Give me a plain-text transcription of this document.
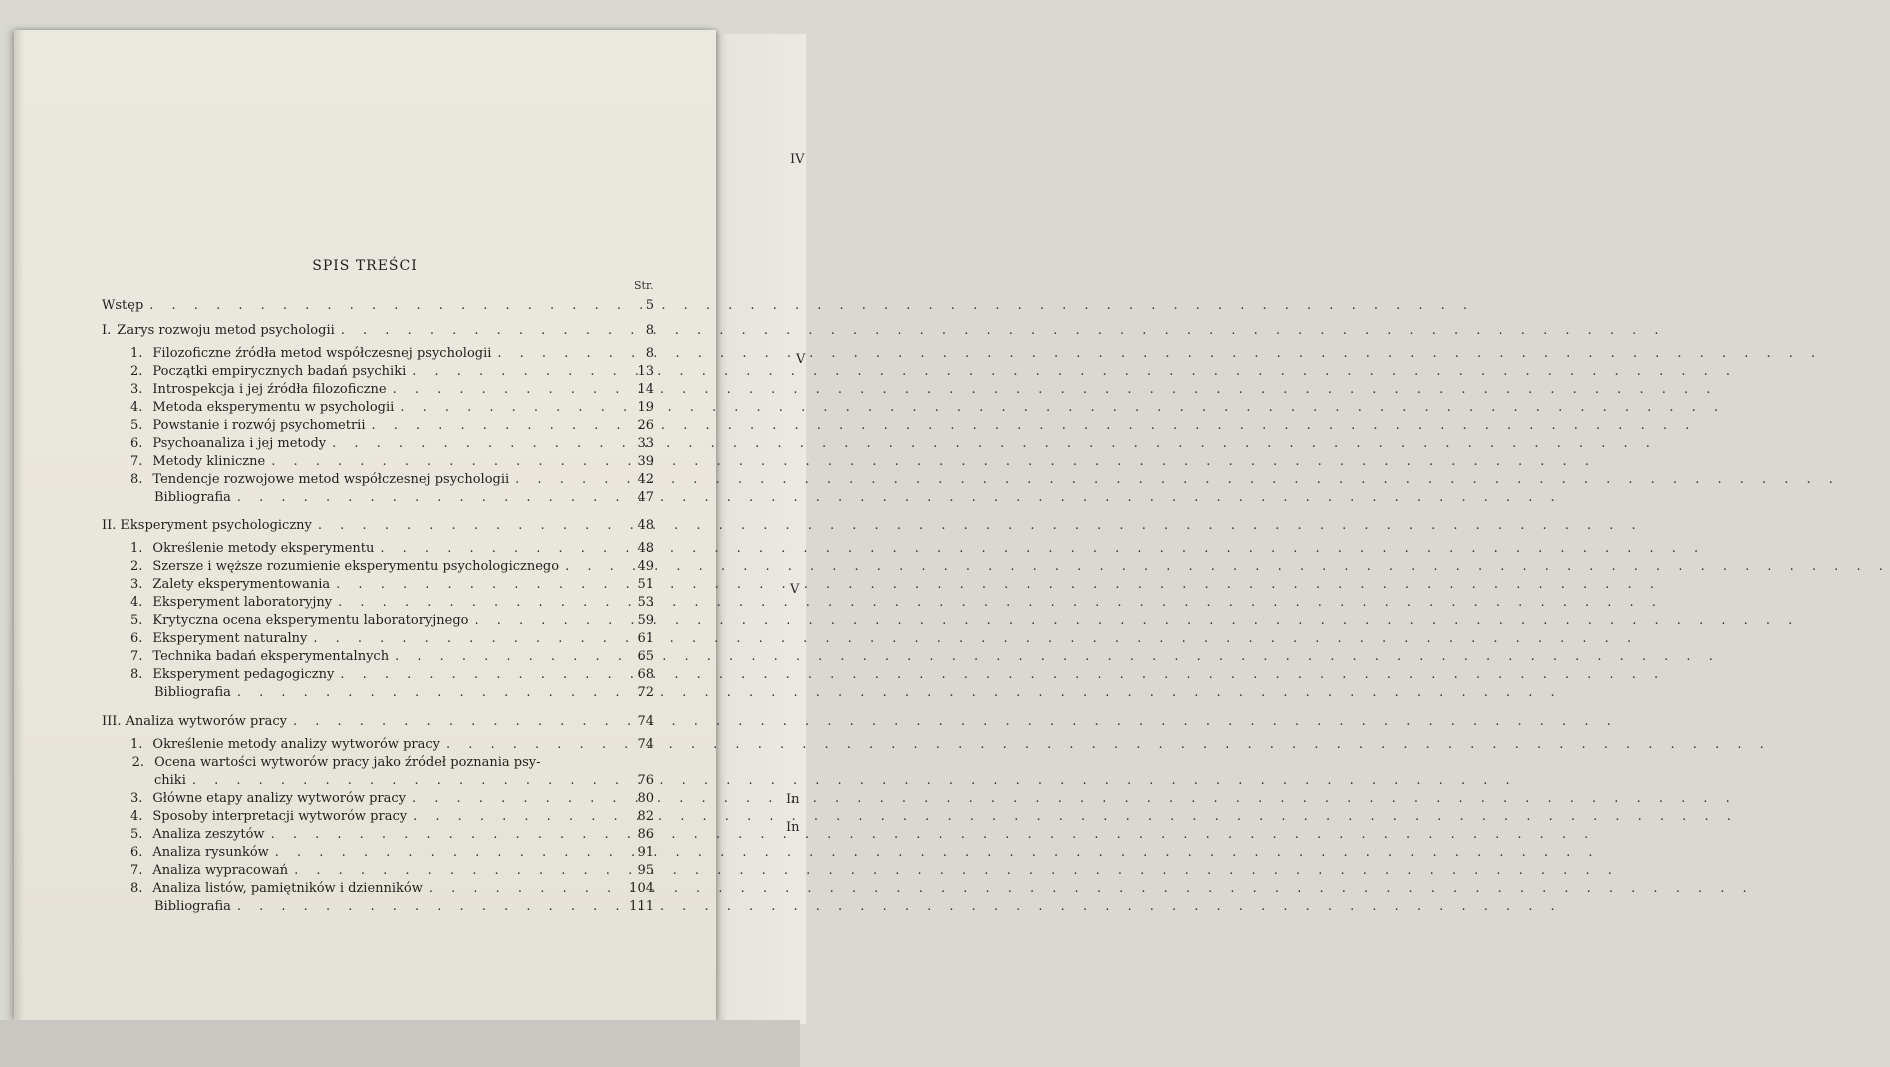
IV
V
V
In
In
SPIS TREŚCI
Str.
Wstęp . . .	5
I. Zarys rozwoju metod psychologii . . .	8
1. Filozoficzne źródła metod współczesnej psychologii . . .	8
2. Początki empirycznych badań psychiki . . .	13
3. Introspekcja i jej źródła filozoficzne . . .	14
4. Metoda eksperymentu w psychologii . . .	19
5. Powstanie i rozwój psychometrii . . .	26
6. Psychoanaliza i jej metody . . .	33
7. Metody kliniczne . . .	39
8. Tendencje rozwojowe metod współczesnej psychologii . . .	42
Bibliografia . . .	47
II. Eksperyment psychologiczny . . .	48
1. Określenie metody eksperymentu . . .	48
2. Szersze i węższe rozumienie eksperymentu psychologicznego . . .	49
3. Zalety eksperymentowania . . .	51
4. Eksperyment laboratoryjny . . .	53
5. Krytyczna ocena eksperymentu laboratoryjnego . . .	59
6. Eksperyment naturalny . . .	61
7. Technika badań eksperymentalnych . . .	65
8. Eksperyment pedagogiczny . . .	68
Bibliografia . . .	72
III. Analiza wytworów pracy . . .	74
1. Określenie metody analizy wytworów pracy . . .	74
2. Ocena wartości wytworów pracy jako źródeł poznania psy-
chiki . . .	76
3. Główne etapy analizy wytworów pracy . . .	80
4. Sposoby interpretacji wytworów pracy . . .	82
5. Analiza zeszytów . . .	86
6. Analiza rysunków . . .	91
7. Analiza wypracowań . . .	95
8. Analiza listów, pamiętników i dzienników . . .	104
Bibliografia . . .	111
